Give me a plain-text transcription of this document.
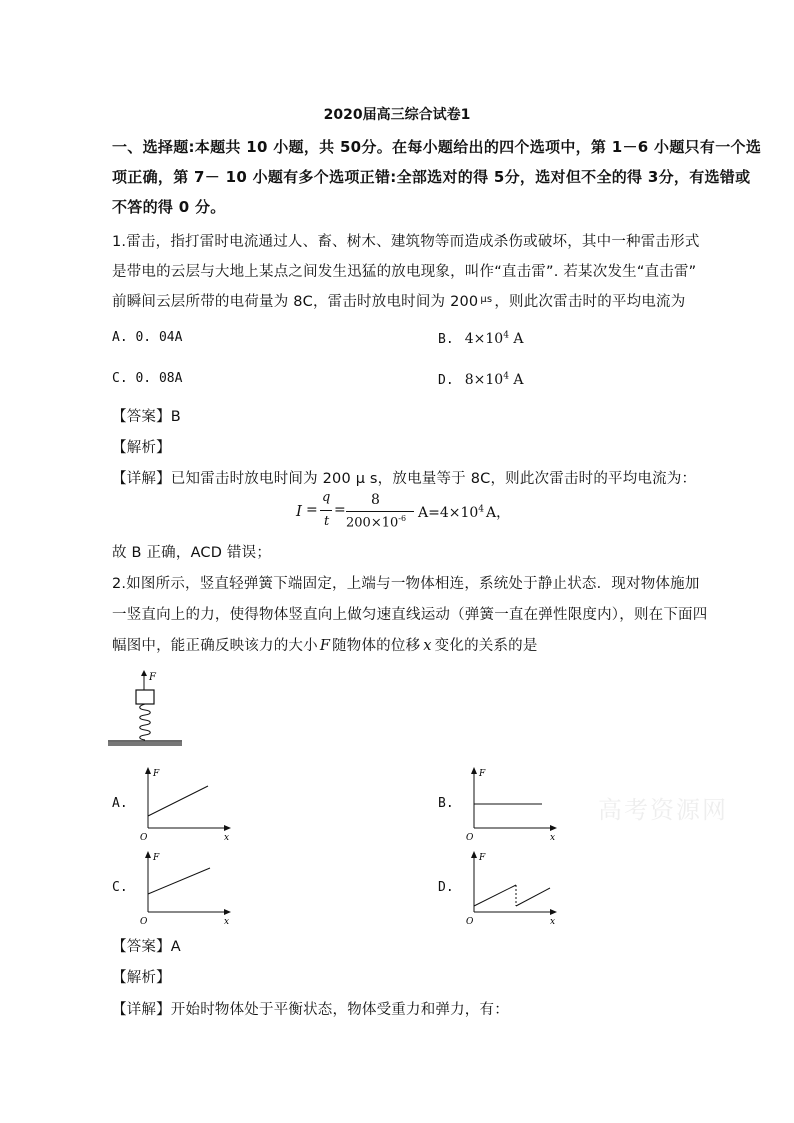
2020届高三综合试卷1
一、选择题:本题共 10 小题，共 50分。在每小题给出的四个选项中，第 1－6 小题只有一个选
项正确，第 7－ 10 小题有多个选项正错:全部选对的得 5分，选对但不全的得 3分，有选错或
不答的得 0 分。
1.雷击，指打雷时电流通过人、畜、树木、建筑物等而造成杀伤或破坏，其中一种雷击形式
是带电的云层与大地上某点之间发生迅猛的放电现象，叫作“直击雷”. 若某次发生“直击雷”
前瞬间云层所带的电荷量为 8C，雷击时放电时间为 200 $^{\mu s}$ ，则此次雷击时的平均电流为
A. 0. 04A	B. $4\times 10^4$ A
C. 0. 08A	D. $8\times 10^4$ A
【答案】B
【解析】
【详解】已知雷击时放电时间为 200 μ s，放电量等于 8C，则此次雷击时的平均电流为：
I =
q
t
=
8
$200\times 10^{-6}$ $A=4\times 10^4$ A，
故 B 正确，ACD 错误；
2.如图所示，竖直轻弹簧下端固定，上端与一物体相连，系统处于静止状态．现对物体施加
一竖直向上的力，使得物体竖直向上做匀速直线运动（弹簧一直在弹性限度内），则在下面四
幅图中，能正确反映该力的大小 F 随物体的位移 x 变化的关系的是
F
A.
F
x
O
B.
F
x
O
C.
F
x
O
D.
F
x
O
【答案】A
【解析】
【详解】开始时物体处于平衡状态，物体受重力和弹力，有：
高考资源网
